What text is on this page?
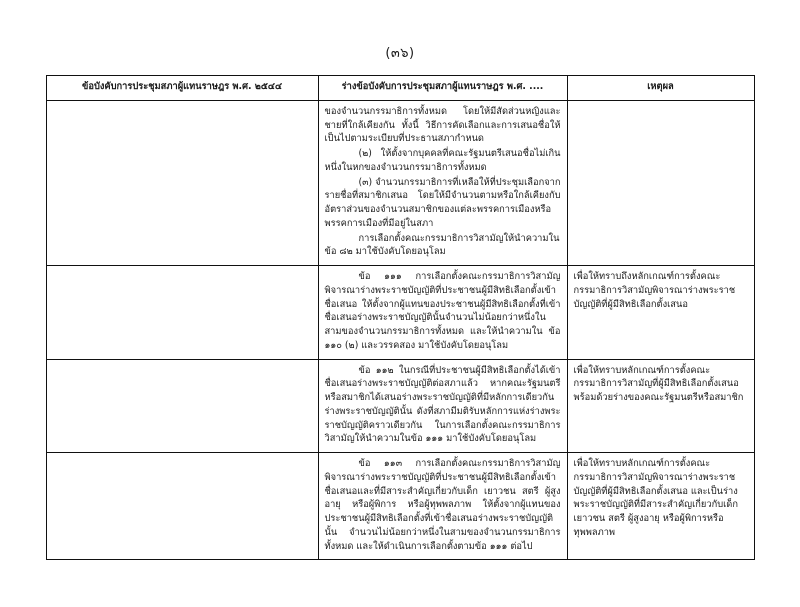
(๓๖)
ข้อบังคับการประชุมสภาผู้แทนราษฎร พ.ศ. ๒๕๔๔	ร่างข้อบังคับการประชุมสภาผู้แทนราษฎร พ.ศ. ....	เหตุผล

	ของจำนวนกรรมาธิการทั้งหมด โดยให้มีสัดส่วนหญิงและชายที่ใกล้เคียงกัน ทั้งนี้ วิธีการคัดเลือกและการเสนอชื่อให้เป็นไปตามระเบียบที่ประธานสภากำหนด

(๒) ให้ตั้งจากบุคคลที่คณะรัฐมนตรีเสนอชื่อไม่เกินหนึ่งในหกของจำนวนกรรมาธิการทั้งหมด

(๓) จำนวนกรรมาธิการที่เหลือให้ที่ประชุมเลือกจากรายชื่อที่สมาชิกเสนอ โดยให้มีจำนวนตามหรือใกล้เคียงกับอัตราส่วนของจำนวนสมาชิกของแต่ละพรรคการเมืองหรือพรรคการเมืองที่มีอยู่ในสภา

การเลือกตั้งคณะกรรมาธิการวิสามัญให้นำความในข้อ ๘๒ มาใช้บังคับโดยอนุโลม	

	ข้อ ๑๑๑ การเลือกตั้งคณะกรรมาธิการวิสามัญพิจารณาร่างพระราชบัญญัติที่ประชาชนผู้มีสิทธิเลือกตั้งเข้าชื่อเสนอ ให้ตั้งจากผู้แทนของประชาชนผู้มีสิทธิเลือกตั้งที่เข้าชื่อเสนอร่างพระราชบัญญัตินั้นจำนวนไม่น้อยกว่าหนึ่งในสามของจำนวนกรรมาธิการทั้งหมด และให้นำความใน ข้อ ๑๑๐ (๒) และวรรคสอง มาใช้บังคับโดยอนุโลม	เพื่อให้ทราบถึงหลักเกณฑ์การตั้งคณะกรรมาธิการวิสามัญพิจารณาร่างพระราชบัญญัติที่ผู้มีสิทธิเลือกตั้งเสนอ

	ข้อ ๑๑๒ ในกรณีที่ประชาชนผู้มีสิทธิเลือกตั้งได้เข้าชื่อเสนอร่างพระราชบัญญัติต่อสภาแล้ว หากคณะรัฐมนตรี หรือสมาชิกได้เสนอร่างพระราชบัญญัติที่มีหลักการเดียวกันร่างพระราชบัญญัตินั้น ดังที่สภามีมติรับหลักการแห่งร่างพระราชบัญญัติคราวเดียวกัน ในการเลือกตั้งคณะกรรมาธิการวิสามัญให้นำความในข้อ ๑๑๑ มาใช้บังคับโดยอนุโลม	เพื่อให้ทราบหลักเกณฑ์การตั้งคณะกรรมาธิการวิสามัญที่ผู้มีสิทธิเลือกตั้งเสนอ พร้อมด้วยร่างของคณะรัฐมนตรีหรือสมาชิก

	ข้อ ๑๑๓ การเลือกตั้งคณะกรรมาธิการวิสามัญพิจารณาร่างพระราชบัญญัติที่ประชาชนผู้มีสิทธิเลือกตั้งเข้าชื่อเสนอและที่มีสาระสำคัญเกี่ยวกับเด็ก เยาวชน สตรี ผู้สูงอายุ หรือผู้พิการ หรือผู้ทุพพลภาพ ให้ตั้งจากผู้แทนของประชาชนผู้มีสิทธิเลือกตั้งที่เข้าชื่อเสนอร่างพระราชบัญญัตินั้น จำนวนไม่น้อยกว่าหนึ่งในสามของจำนวนกรรมาธิการทั้งหมด และให้ดำเนินการเลือกตั้งตามข้อ ๑๑๑ ต่อไป	เพื่อให้ทราบหลักเกณฑ์การตั้งคณะกรรมาธิการวิสามัญพิจารณาร่างพระราชบัญญัติที่ผู้มีสิทธิเลือกตั้งเสนอ และเป็นร่างพระราชบัญญัติที่มีสาระสำคัญเกี่ยวกับเด็ก เยาวชน สตรี ผู้สูงอายุ หรือผู้พิการหรือทุพพลภาพ
